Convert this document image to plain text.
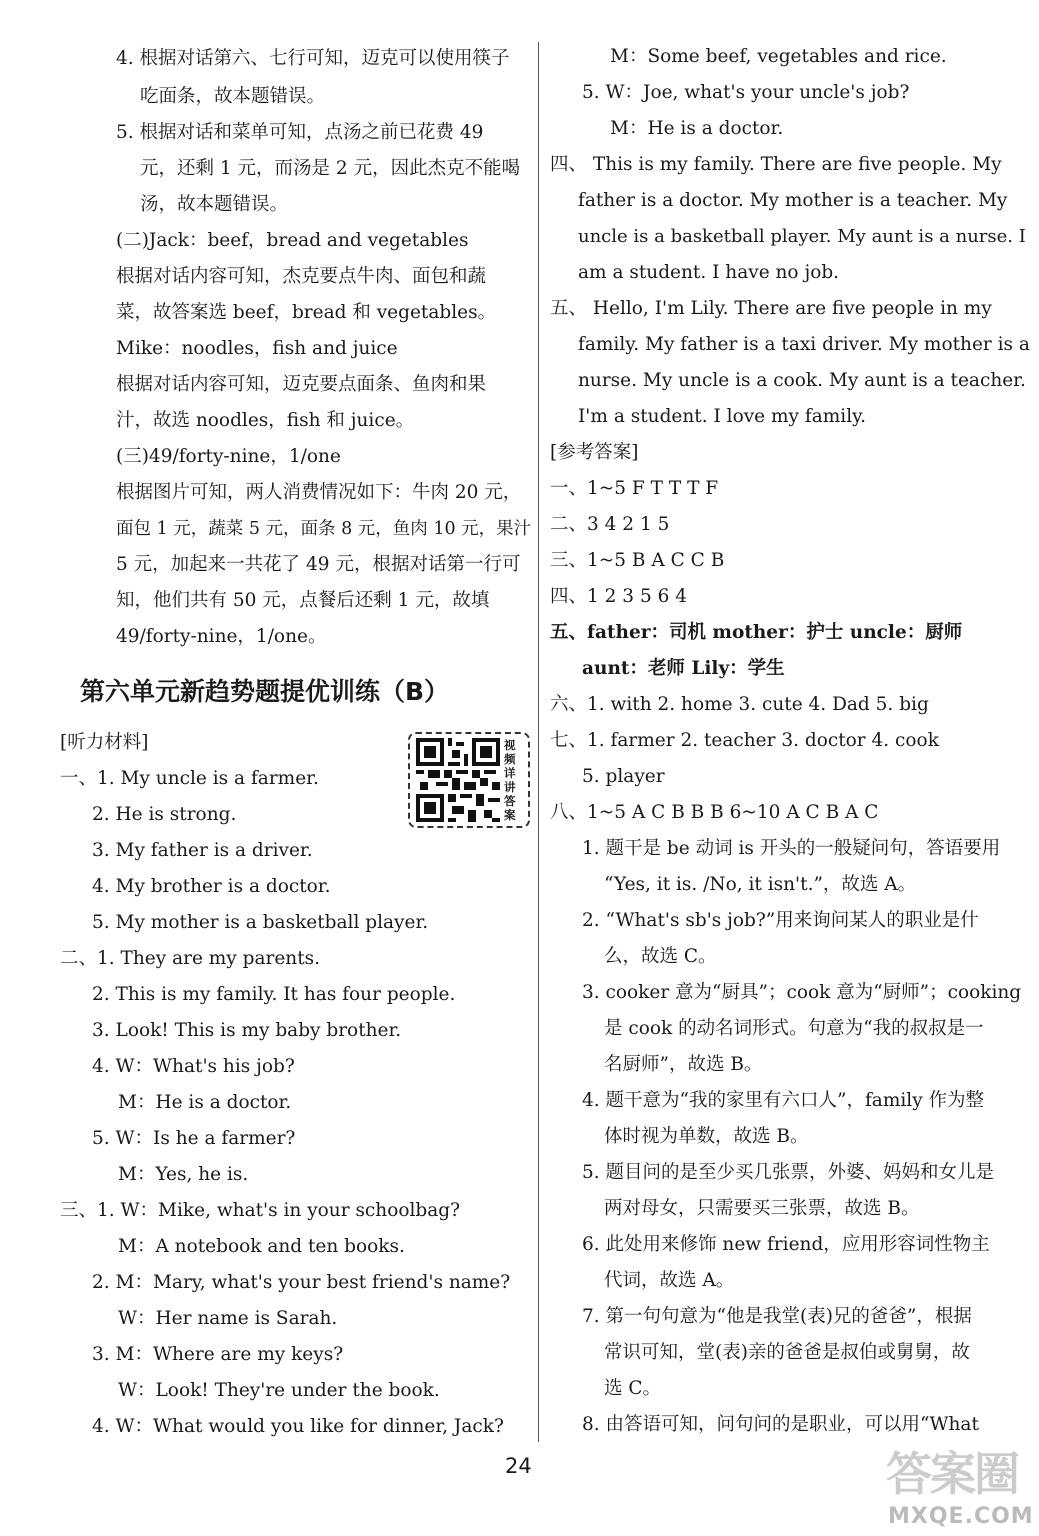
4. 根据对话第六、七行可知，迈克可以使用筷子
吃面条，故本题错误。
5. 根据对话和菜单可知，点汤之前已花费 49
元，还剩 1 元，而汤是 2 元，因此杰克不能喝
汤，故本题错误。
(二)Jack：beef，bread and vegetables
根据对话内容可知，杰克要点牛肉、面包和蔬
菜，故答案选 beef，bread 和 vegetables。
Mike：noodles，fish and juice
根据对话内容可知，迈克要点面条、鱼肉和果
汁，故选 noodles，fish 和 juice。
(三)49/forty-nine，1/one
根据图片可知，两人消费情况如下：牛肉 20 元，
面包 1 元，蔬菜 5 元，面条 8 元，鱼肉 10 元，果汁
5 元，加起来一共花了 49 元，根据对话第一行可
知，他们共有 50 元，点餐后还剩 1 元，故填
49/forty-nine，1/one。
第六单元新趋势题提优训练（B）
[听力材料]	视频详讲答案
一、1. My uncle is a farmer.
2. He is strong.
3. My father is a driver.
4. My brother is a doctor.
5. My mother is a basketball player.
二、1. They are my parents.
2. This is my family. It has four people.
3. Look! This is my baby brother.
4. W：What's his job?
M：He is a doctor.
5. W：Is he a farmer?
M：Yes, he is.
三、1. W：Mike, what's in your schoolbag?
M：A notebook and ten books.
2. M：Mary, what's your best friend's name?
W：Her name is Sarah.
3. M：Where are my keys?
W：Look! They're under the book.
4. W：What would you like for dinner, Jack?
M：Some beef, vegetables and rice.
5. W：Joe, what's your uncle's job?
M：He is a doctor.
四、 This is my family. There are five people. My
father is a doctor. My mother is a teacher. My
uncle is a basketball player. My aunt is a nurse. I
am a student. I have no job.
五、 Hello, I'm Lily. There are five people in my
family. My father is a taxi driver. My mother is a
nurse. My uncle is a cook. My aunt is a teacher.
I'm a student. I love my family.
[参考答案]
一、1~5 F T T T F
二、3 4 2 1 5
三、1~5 B A C C B
四、1 2 3 5 6 4
五、father：司机 mother：护士 uncle：厨师
aunt：老师 Lily：学生
六、1. with 2. home 3. cute 4. Dad 5. big
七、1. farmer 2. teacher 3. doctor 4. cook
5. player
八、1~5 A C B B B 6~10 A C B A C
1. 题干是 be 动词 is 开头的一般疑问句，答语要用
“Yes, it is. /No, it isn't.”，故选 A。
2. “What's sb's job?”用来询问某人的职业是什
么，故选 C。
3. cooker 意为“厨具”；cook 意为“厨师”；cooking
是 cook 的动名词形式。句意为“我的叔叔是一
名厨师”，故选 B。
4. 题干意为“我的家里有六口人”，family 作为整
体时视为单数，故选 B。
5. 题目问的是至少买几张票，外婆、妈妈和女儿是
两对母女，只需要买三张票，故选 B。
6. 此处用来修饰 new friend，应用形容词性物主
代词，故选 A。
7. 第一句句意为“他是我堂(表)兄的爸爸”，根据
常识可知，堂(表)亲的爸爸是叔伯或舅舅，故
选 C。
8. 由答语可知，问句问的是职业，可以用“What
24	答案圈
MXQE.COM
